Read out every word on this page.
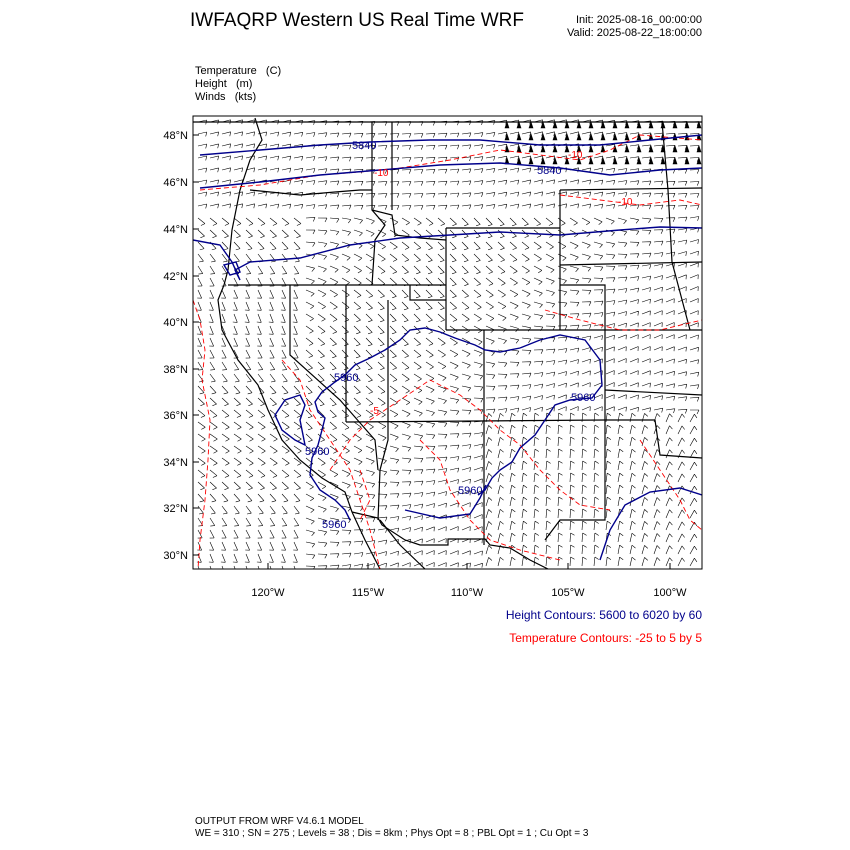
IWFAQRP Western US Real Time WRF	Init: 2025-08-16_00:00:00
Valid: 2025-08-22_18:00:00
Temperature   (C)
Height   (m)
Winds   (kts)
5840
5840
5960
5960
5960
5960
5960
-10
-10
-10
-5
48°N
46°N
44°N
42°N
40°N
38°N
36°N
34°N
32°N
30°N
120°W	115°W	110°W	105°W	100°W
Height Contours: 5600 to 6020 by 60
Temperature Contours: -25 to 5 by 5
OUTPUT FROM WRF V4.6.1 MODEL
WE = 310 ; SN = 275 ; Levels = 38 ; Dis = 8km ; Phys Opt = 8 ; PBL Opt = 1 ; Cu Opt = 3
